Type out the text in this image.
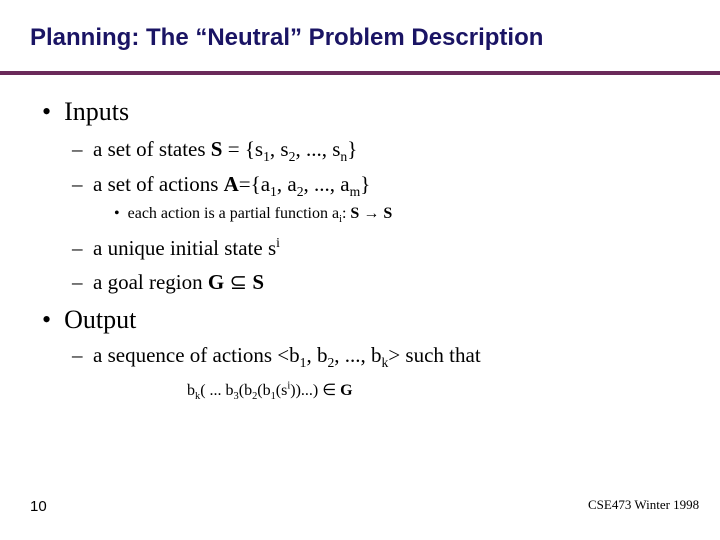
Planning: The “Neutral” Problem Description
• Inputs
– a set of states $S = \{s_1$, $s_2$, ..., $s_n$}
– a set of actions $A=\{a_1$, $a_2$, ..., $a_m$}
• each action is a partial function $a_i$: S → S
– a unique initial state $s^i$
– a goal region G ⊆ S
• Output
– a sequence of actions $<b_1$, $b_2$, ..., $b_k>$ such that
$b_k$( ... $b_3(b_2(b_1(s^i))...)$ ∈ G
10	CSE473 Winter 1998
